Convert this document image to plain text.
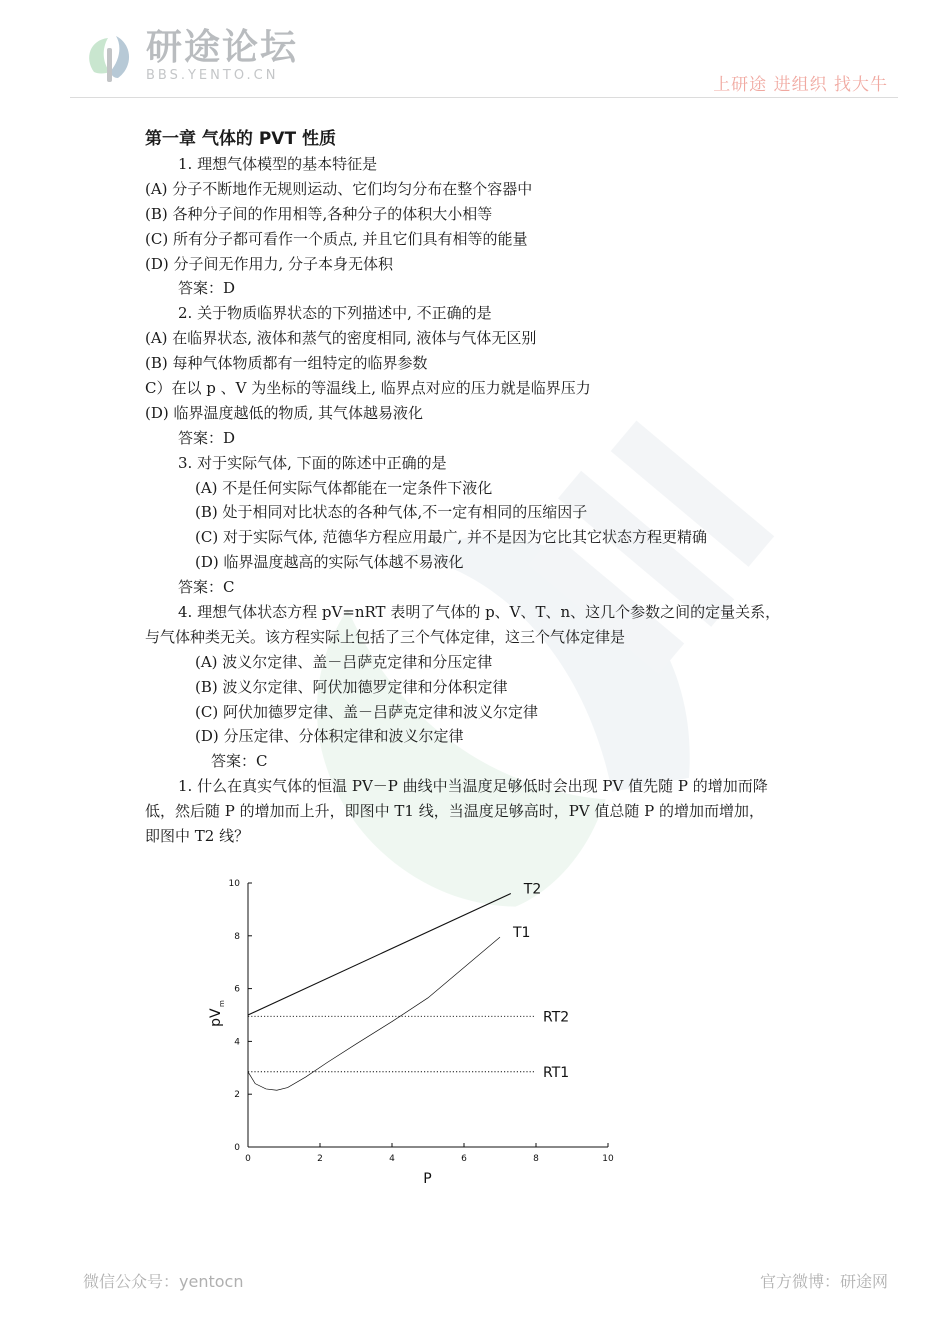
研途论坛
BBS.YENTO.CN	上研途 进组织 找大牛
第一章 气体的 PVT 性质
1. 理想气体模型的基本特征是
(A) 分子不断地作无规则运动、它们均匀分布在整个容器中
(B) 各种分子间的作用相等,各种分子的体积大小相等
(C) 所有分子都可看作一个质点, 并且它们具有相等的能量
(D) 分子间无作用力, 分子本身无体积
答案：D
2. 关于物质临界状态的下列描述中, 不正确的是
(A) 在临界状态, 液体和蒸气的密度相同, 液体与气体无区别
(B) 每种气体物质都有一组特定的临界参数
C）在以 p 、V 为坐标的等温线上, 临界点对应的压力就是临界压力
(D) 临界温度越低的物质, 其气体越易液化
答案：D
3. 对于实际气体, 下面的陈述中正确的是
(A) 不是任何实际气体都能在一定条件下液化
(B) 处于相同对比状态的各种气体,不一定有相同的压缩因子
(C) 对于实际气体, 范德华方程应用最广, 并不是因为它比其它状态方程更精确
(D) 临界温度越高的实际气体越不易液化
答案：C
4. 理想气体状态方程 pV=nRT 表明了气体的 p、V、T、n、这几个参数之间的定量关系，
与气体种类无关。该方程实际上包括了三个气体定律，这三个气体定律是
(A) 波义尔定律、盖－吕萨克定律和分压定律
(B) 波义尔定律、阿伏加德罗定律和分体积定律
(C) 阿伏加德罗定律、盖－吕萨克定律和波义尔定律
(D) 分压定律、分体积定律和波义尔定律
答案：C
1. 什么在真实气体的恒温 PV－P 曲线中当温度足够低时会出现 PV 值先随 P 的增加而降
低，然后随 P 的增加而上升，即图中 T1 线，当温度足够高时，PV 值总随 P 的增加而增加，
即图中 T2 线？
0	2	4	6	8	10
0
2
4
6
8
10
P
pV
m
T2
T1
RT2
RT1
微信公众号：yentocn	官方微博：研途网
